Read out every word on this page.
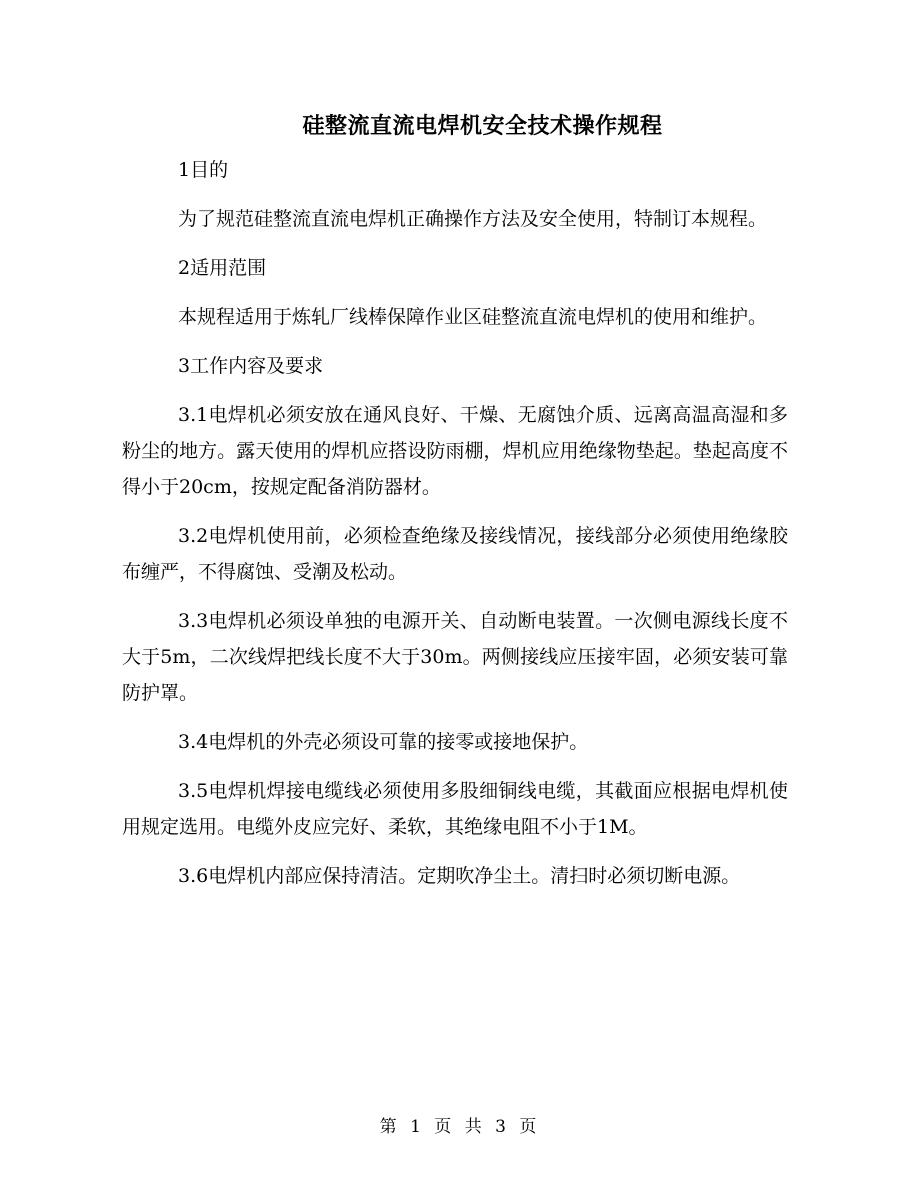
硅整流直流电焊机安全技术操作规程

1目的

为了规范硅整流直流电焊机正确操作方法及安全使用，特制订本规程。

2适用范围

本规程适用于炼轧厂线棒保障作业区硅整流直流电焊机的使用和维护。

3工作内容及要求

3.1电焊机必须安放在通风良好、干燥、无腐蚀介质、远离高温高湿和多粉尘的地方。露天使用的焊机应搭设防雨棚，焊机应用绝缘物垫起。垫起高度不得小于20cm，按规定配备消防器材。

3.2电焊机使用前，必须检查绝缘及接线情况，接线部分必须使用绝缘胶布缠严，不得腐蚀、受潮及松动。

3.3电焊机必须设单独的电源开关、自动断电装置。一次侧电源线长度不大于5m，二次线焊把线长度不大于30m。两侧接线应压接牢固，必须安装可靠防护罩。

3.4电焊机的外壳必须设可靠的接零或接地保护。

3.5电焊机焊接电缆线必须使用多股细铜线电缆，其截面应根据电焊机使用规定选用。电缆外皮应完好、柔软，其绝缘电阻不小于1M。

3.6电焊机内部应保持清洁。定期吹净尘土。清扫时必须切断电源。

第 1 页 共 3 页
